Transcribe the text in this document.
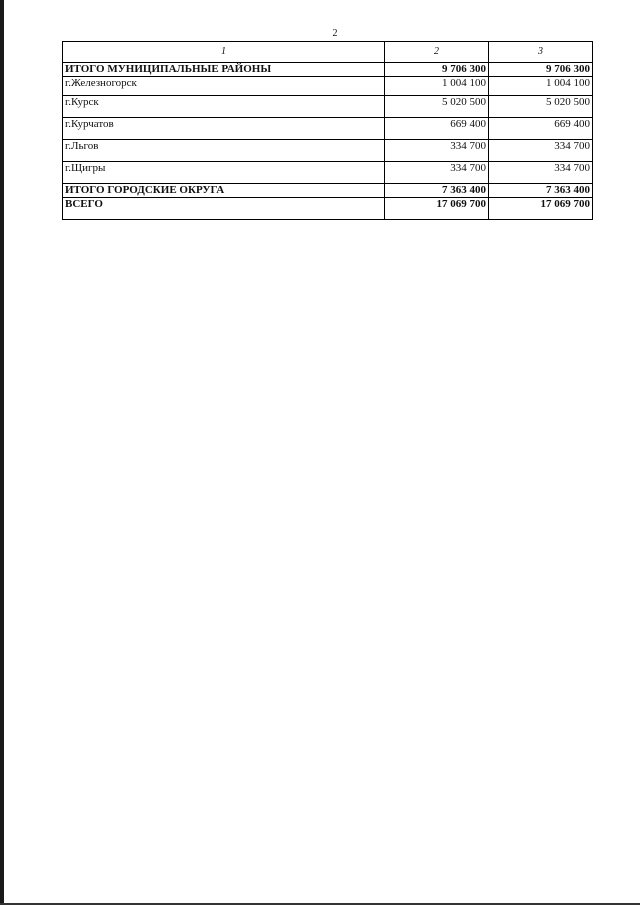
2
1	2	3
ИТОГО МУНИЦИПАЛЬНЫЕ РАЙОНЫ	9 706 300	9 706 300
г.Железногорск	1 004 100	1 004 100
г.Курск	5 020 500	5 020 500
г.Курчатов	669 400	669 400
г.Льгов	334 700	334 700
г.Щигры	334 700	334 700
ИТОГО ГОРОДСКИЕ ОКРУГА	7 363 400	7 363 400
ВСЕГО	17 069 700	17 069 700
